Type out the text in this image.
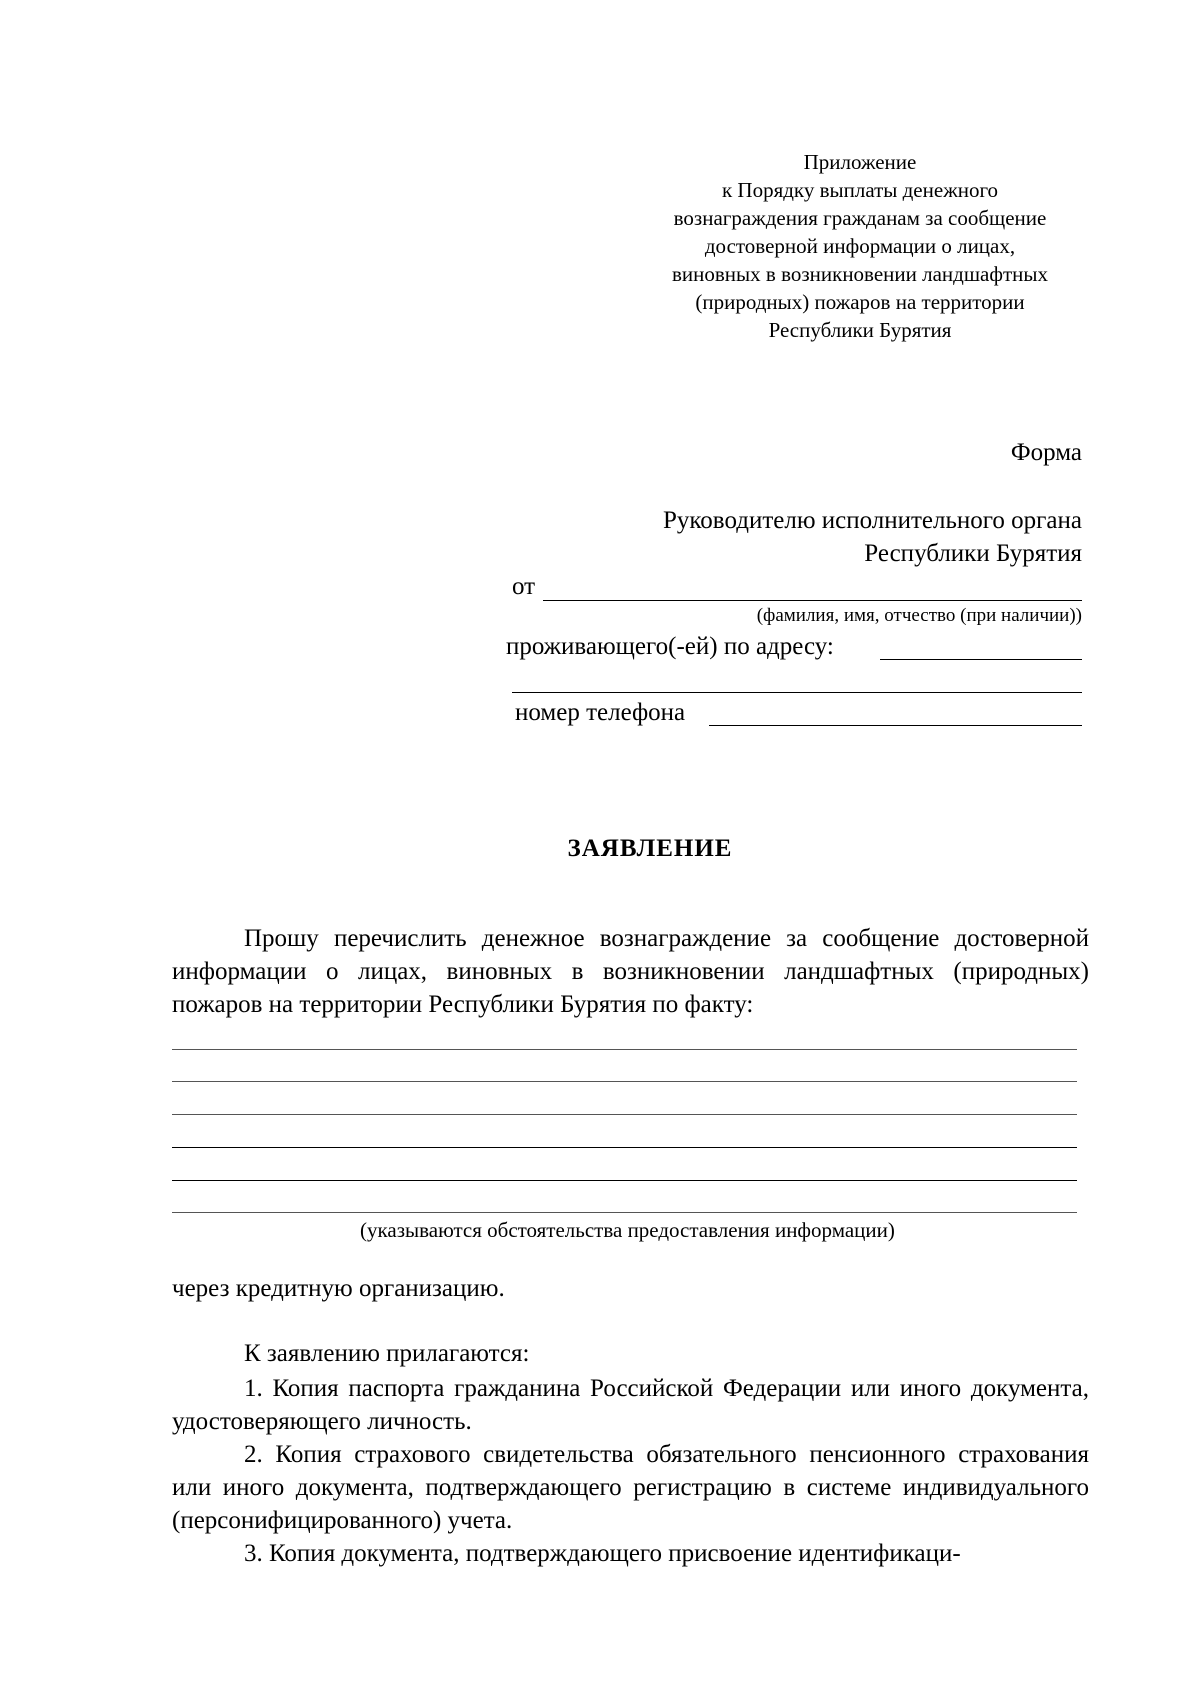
Приложение
к Порядку выплаты денежного
вознаграждения гражданам за сообщение
достоверной информации о лицах,
виновных в возникновении ландшафтных
(природных) пожаров на территории
Республики Бурятия
Форма
Руководителю исполнительного органа
Республики Бурятия
от
(фамилия, имя, отчество (при наличии))
проживающего(-ей) по адресу:
номер телефона
ЗАЯВЛЕНИЕ
Прошу перечислить денежное вознаграждение за сообщение достоверной информации о лицах, виновных в возникновении ландшафтных (природных) пожаров на территории Республики Бурятия по факту:
(указываются обстоятельства предоставления информации)
через кредитную организацию.
К заявлению прилагаются:
1. Копия паспорта гражданина Российской Федерации или иного документа, удостоверяющего личность.
2. Копия страхового свидетельства обязательного пенсионного страхования или иного документа, подтверждающего регистрацию в системе индивидуального (персонифицированного) учета.
3. Копия документа, подтверждающего присвоение идентификаци-
